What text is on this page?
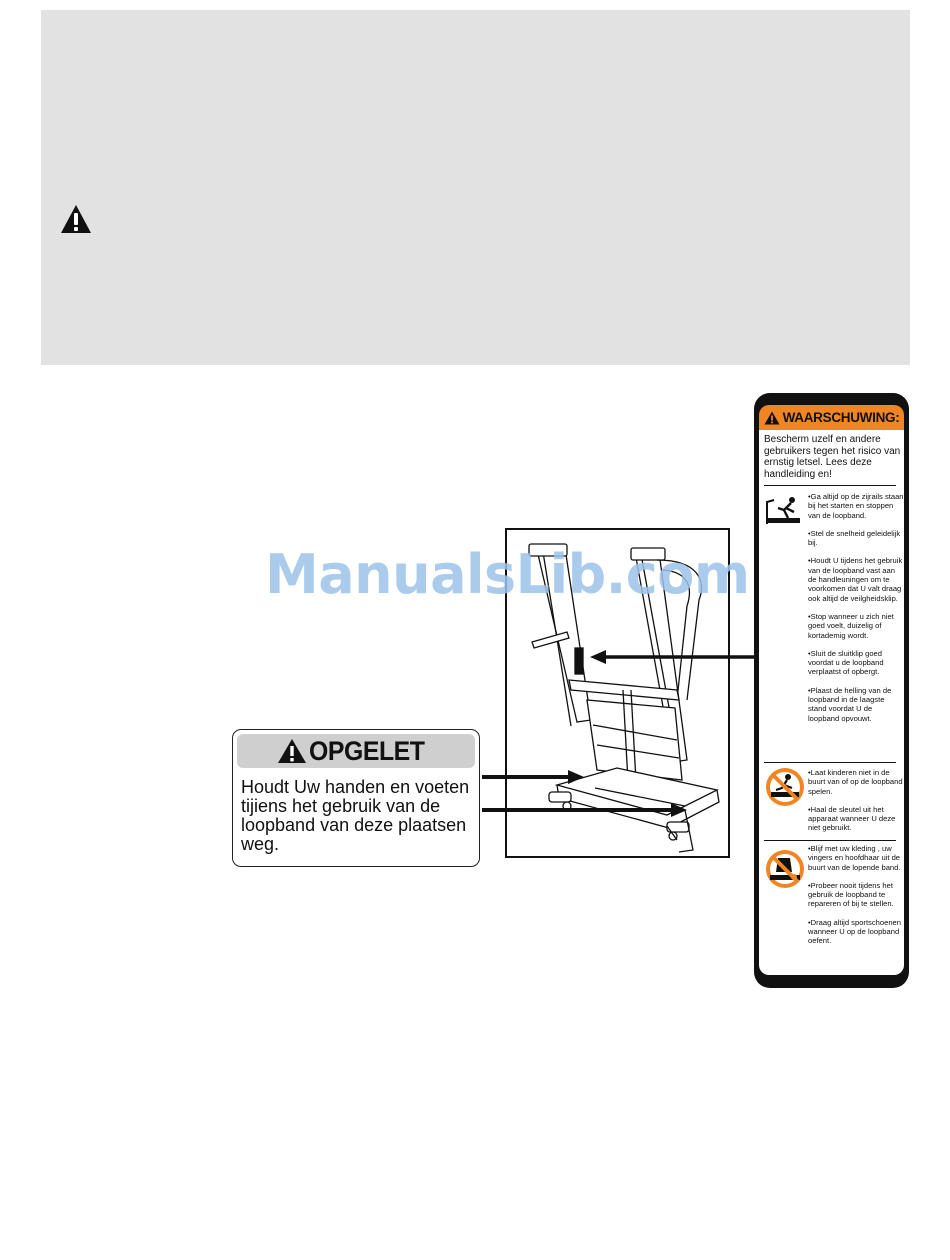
ManualsLib.com
OPGELET
Houdt Uw handen en voeten tijiens het gebruik van de loopband van deze plaatsen weg.
WAARSCHUWING:
Bescherm uzelf en andere gebruikers tegen het risico van ernstig letsel. Lees deze handleiding en!

•Ga altijd op de zijrails staan bij het starten en stoppen van de loopband.

•Stel de snelheid geleidelijk bij.

•Houdt U tijdens het gebruik van de loopband vast aan de handleuningen om te voorkomen dat U valt draag ook altijd de veilgheidsklip.

•Stop wanneer u zich niet goed voelt, duizelig of kortademig wordt.

•Sluit de sluitklip goed voordat u de loopband verplaatst of opbergt.

•Plaast de helling van de loopband in de laagste stand voordat U de loopband opvouwt.

•Laat kinderen niet in de buurt van of op de loopband spelen.

•Haal de sleutel uit het apparaat wanneer U deze niet gebruikt.

•Blijf met uw kleding , uw vingers en hoofdhaar uit de buurt van de lopende band.

•Probeer nooit tijdens het gebruik de loopband te repareren of bij te stellen.

•Draag altijd sportschoenen wanneer U op de loopband oefent.
